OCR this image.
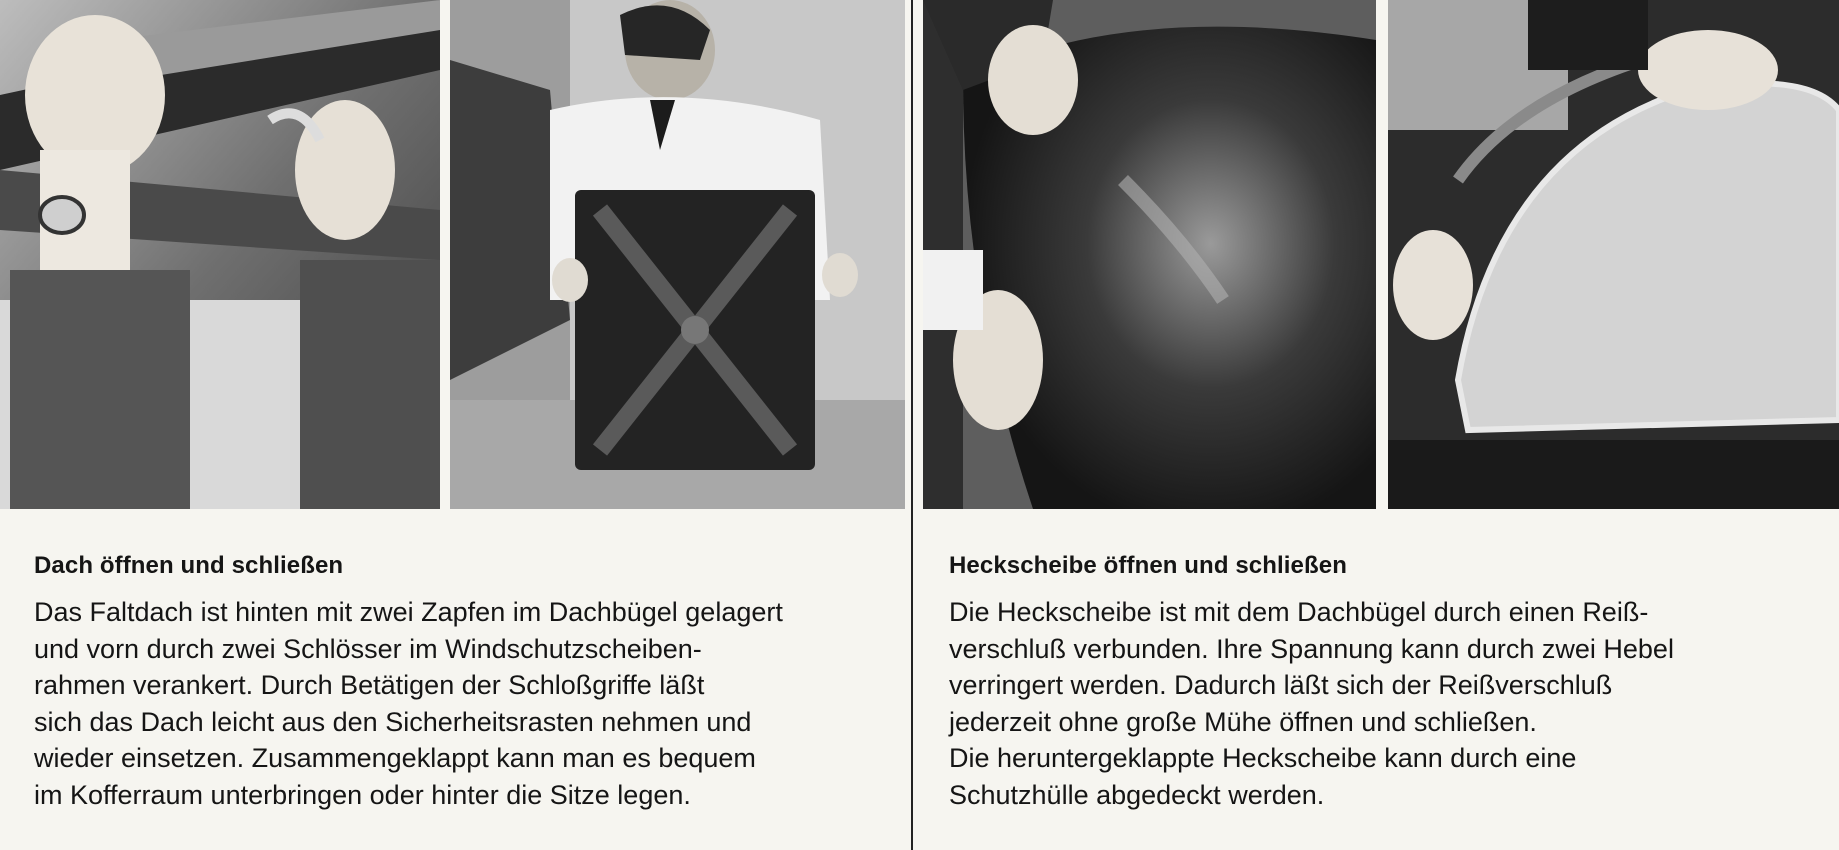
Dach öffnen und schließen

Das Faltdach ist hinten mit zwei Zapfen im Dachbügel gelagert
und vorn durch zwei Schlösser im Windschutzscheiben-
rahmen verankert. Durch Betätigen der Schloßgriffe läßt
sich das Dach leicht aus den Sicherheitsrasten nehmen und
wieder einsetzen. Zusammengeklappt kann man es bequem
im Kofferraum unterbringen oder hinter die Sitze legen.

Heckscheibe öffnen und schließen

Die Heckscheibe ist mit dem Dachbügel durch einen Reiß-
verschluß verbunden. Ihre Spannung kann durch zwei Hebel
verringert werden. Dadurch läßt sich der Reißverschluß
jederzeit ohne große Mühe öffnen und schließen.
Die heruntergeklappte Heckscheibe kann durch eine
Schutzhülle abgedeckt werden.
